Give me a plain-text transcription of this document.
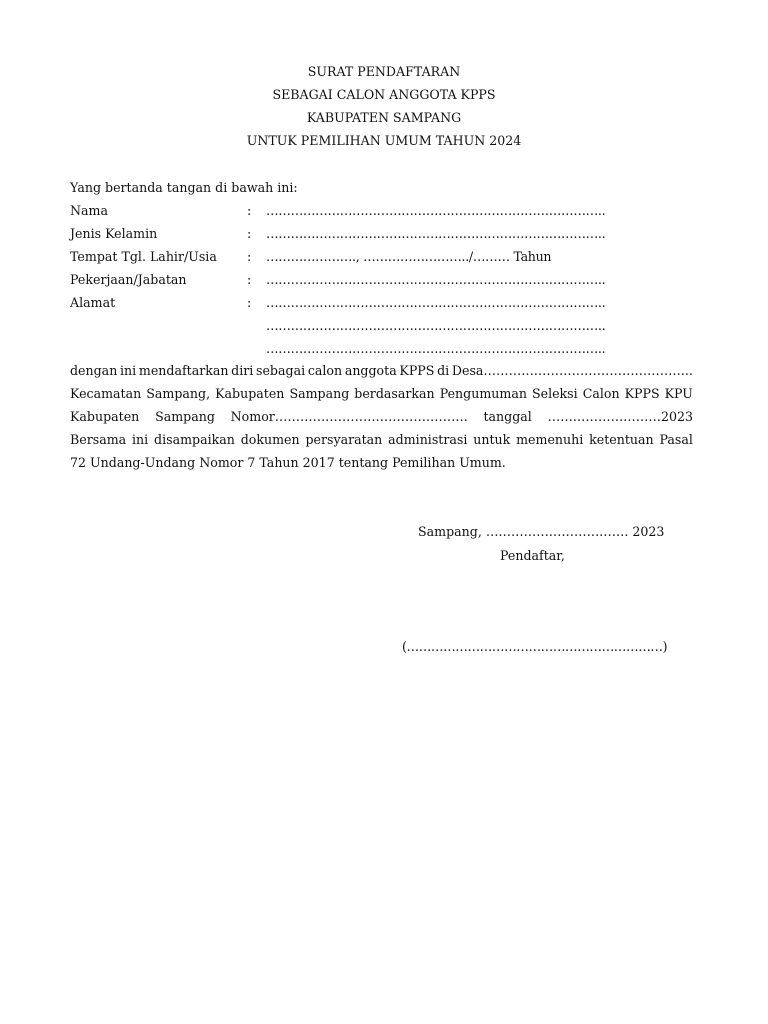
SURAT PENDAFTARAN
SEBAGAI CALON ANGGOTA KPPS
KABUPATEN SAMPANG
UNTUK PEMILIHAN UMUM TAHUN 2024
Yang bertanda tangan di bawah ini:
Nama	: ………………………………………………………………………..
Jenis Kelamin	: ………………………………………………………………………..
Tempat Tgl. Lahir/Usia : …………………., ……………………../……… Tahun
Pekerjaan/Jabatan	: ………………………………………………………………………..
Alamat	: ………………………………………………………………………..
………………………………………………………………………..
………………………………………………………………………..
dengan ini mendaftarkan diri sebagai calon anggota KPPS di Desa…………………………………………..
Kecamatan Sampang, Kabupaten Sampang berdasarkan Pengumuman Seleksi Calon KPPS KPU
Kabupaten Sampang Nomor………………………………………. tanggal ………………………2023
Bersama ini disampaikan dokumen persyaratan administrasi untuk memenuhi ketentuan Pasal
72 Undang-Undang Nomor 7 Tahun 2017 tentang Pemilihan Umum.
Sampang, ……………………………. 2023
Pendaftar,
(………………………………………………………)
